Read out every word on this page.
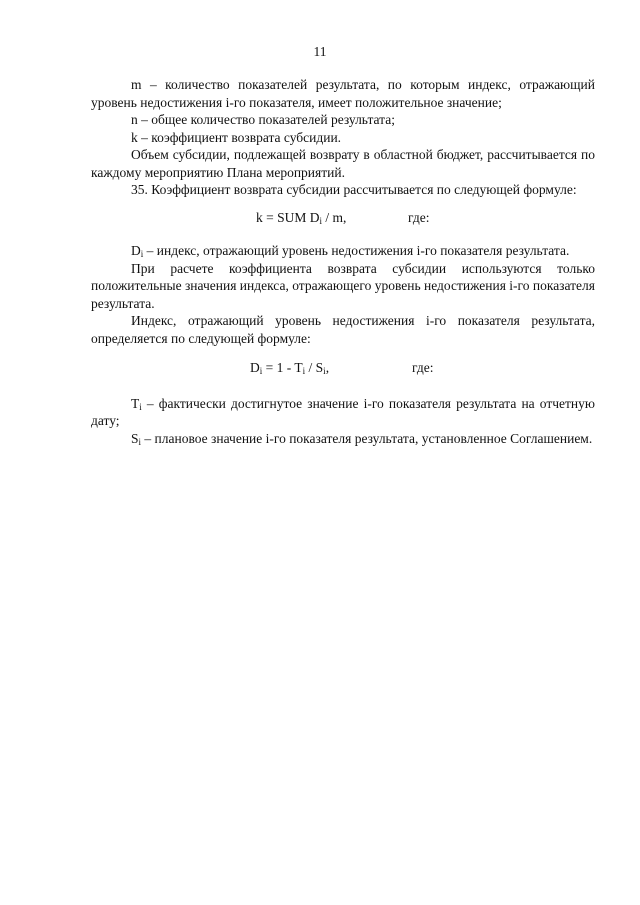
11

m – количество показателей результата, по которым индекс, отражающий уровень недостижения i-го показателя, имеет положительное значение;

n – общее количество показателей результата;

k – коэффициент возврата субсидии.

Объем субсидии, подлежащей возврату в областной бюджет, рассчитывается по каждому мероприятию Плана мероприятий.

35. Коэффициент возврата субсидии рассчитывается по следующей формуле:

k = SUM $D_i$ / m,	где:

$D_i$ – индекс, отражающий уровень недостижения i-го показателя результата.

При расчете коэффициента возврата субсидии используются только положительные значения индекса, отражающего уровень недостижения i-го показателя результата.

Индекс, отражающий уровень недостижения i-го показателя результата, определяется по следующей формуле:

$D_i = 1 - T_i / S_i$,	где:

$T_i$ – фактически достигнутое значение i-го показателя результата на отчетную дату;

$S_i$ – плановое значение i-го показателя результата, установленное Соглашением.
